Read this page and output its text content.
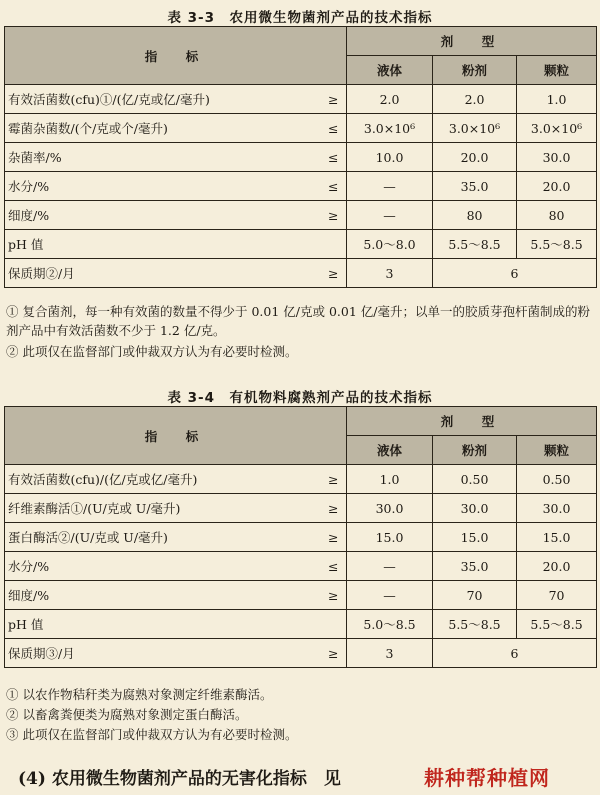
表 3-3　农用微生物菌剂产品的技术指标
指　标		剂　型		
		液体	粉剂	颗粒
有效活菌数(cfu)①/(亿/克或亿/毫升)	≥	2.0	2.0	1.0
霉菌杂菌数/(个/克或个/毫升)	≤	3.0×10⁶	3.0×10⁶	3.0×10⁶
杂菌率/%	≤	10.0	20.0	30.0
水分/%	≤	—	35.0	20.0
细度/%	≥	—	80	80
pH 值		5.0～8.0	5.5～8.5	5.5～8.5
保质期②/月	≥	3	6	
① 复合菌剂，每一种有效菌的数量不得少于 0.01 亿/克或 0.01 亿/毫升；以单一的胶质芽孢杆菌制成的粉剂产品中有效活菌数不少于 1.2 亿/克。
② 此项仅在监督部门或仲裁双方认为有必要时检测。
表 3-4　有机物料腐熟剂产品的技术指标
指　标		剂　型		
		液体	粉剂	颗粒
有效活菌数(cfu)/(亿/克或亿/毫升)	≥	1.0	0.50	0.50
纤维素酶活①/(U/克或 U/毫升)	≥	30.0	30.0	30.0
蛋白酶活②/(U/克或 U/毫升)	≥	15.0	15.0	15.0
水分/%	≤	—	35.0	20.0
细度/%	≥	—	70	70
pH 值		5.0～8.5	5.5～8.5	5.5～8.5
保质期③/月	≥	3	6	
① 以农作物秸秆类为腐熟对象测定纤维素酶活。
② 以畜禽粪便类为腐熟对象测定蛋白酶活。
③ 此项仅在监督部门或仲裁双方认为有必要时检测。
(4) 农用微生物菌剂产品的无害化指标　见	耕种帮种植网
